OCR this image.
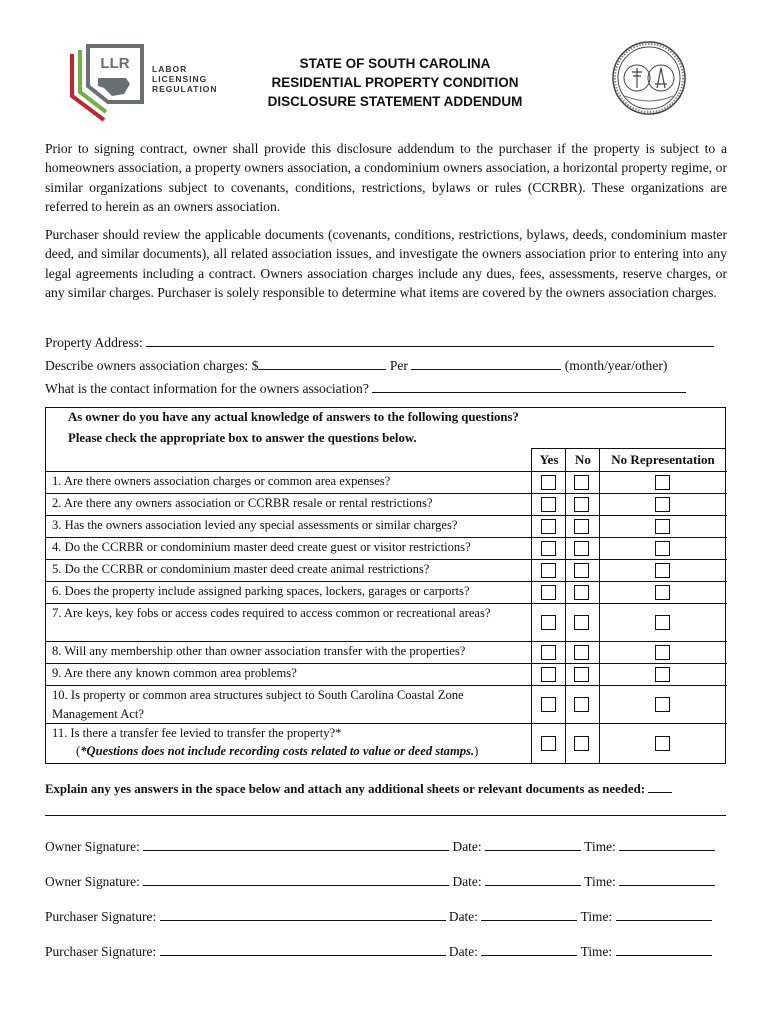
LLR	LABOR
LICENSING
REGULATION
STATE OF SOUTH CAROLINA
RESIDENTIAL PROPERTY CONDITION
DISCLOSURE STATEMENT ADDENDUM

Prior to signing contract, owner shall provide this disclosure addendum to the purchaser if the property is subject to a homeowners association, a property owners association, a condominium owners association, a horizontal property regime, or similar organizations subject to covenants, conditions, restrictions, bylaws or rules (CCRBR). These organizations are referred to herein as an owners association.

Purchaser should review the applicable documents (covenants, conditions, restrictions, bylaws, deeds, condominium master deed, and similar documents), all related association issues, and investigate the owners association prior to entering into any legal agreements including a contract. Owners association charges include any dues, fees, assessments, reserve charges, or any similar charges. Purchaser is solely responsible to determine what items are covered by the owners association charges.

Property Address:
Describe owners association charges: $	Per	(month/year/other)
What is the contact information for the owners association?
As owner do you have any actual knowledge of answers to the following questions?
Please check the appropriate box to answer the questions below.
Yes	No	No Representation
1. Are there owners association charges or common area expenses?
2. Are there any owners association or CCRBR resale or rental restrictions?
3. Has the owners association levied any special assessments or similar charges?
4. Do the CCRBR or condominium master deed create guest or visitor restrictions?
5. Do the CCRBR or condominium master deed create animal restrictions?
6. Does the property include assigned parking spaces, lockers, garages or carports?
7. Are keys, key fobs or access codes required to access common or recreational areas?
8. Will any membership other than owner association transfer with the properties?
9. Are there any known common area problems?
10. Is property or common area structures subject to South Carolina Coastal Zone Management Act?
11. Is there a transfer fee levied to transfer the property?*
(*Questions does not include recording costs related to value or deed stamps.)
Explain any yes answers in the space below and attach any additional sheets or relevant documents as needed:
Owner Signature:	Date:	Time:
Owner Signature:	Date:	Time:
Purchaser Signature:	Date:	Time:
Purchaser Signature:	Date:	Time:
